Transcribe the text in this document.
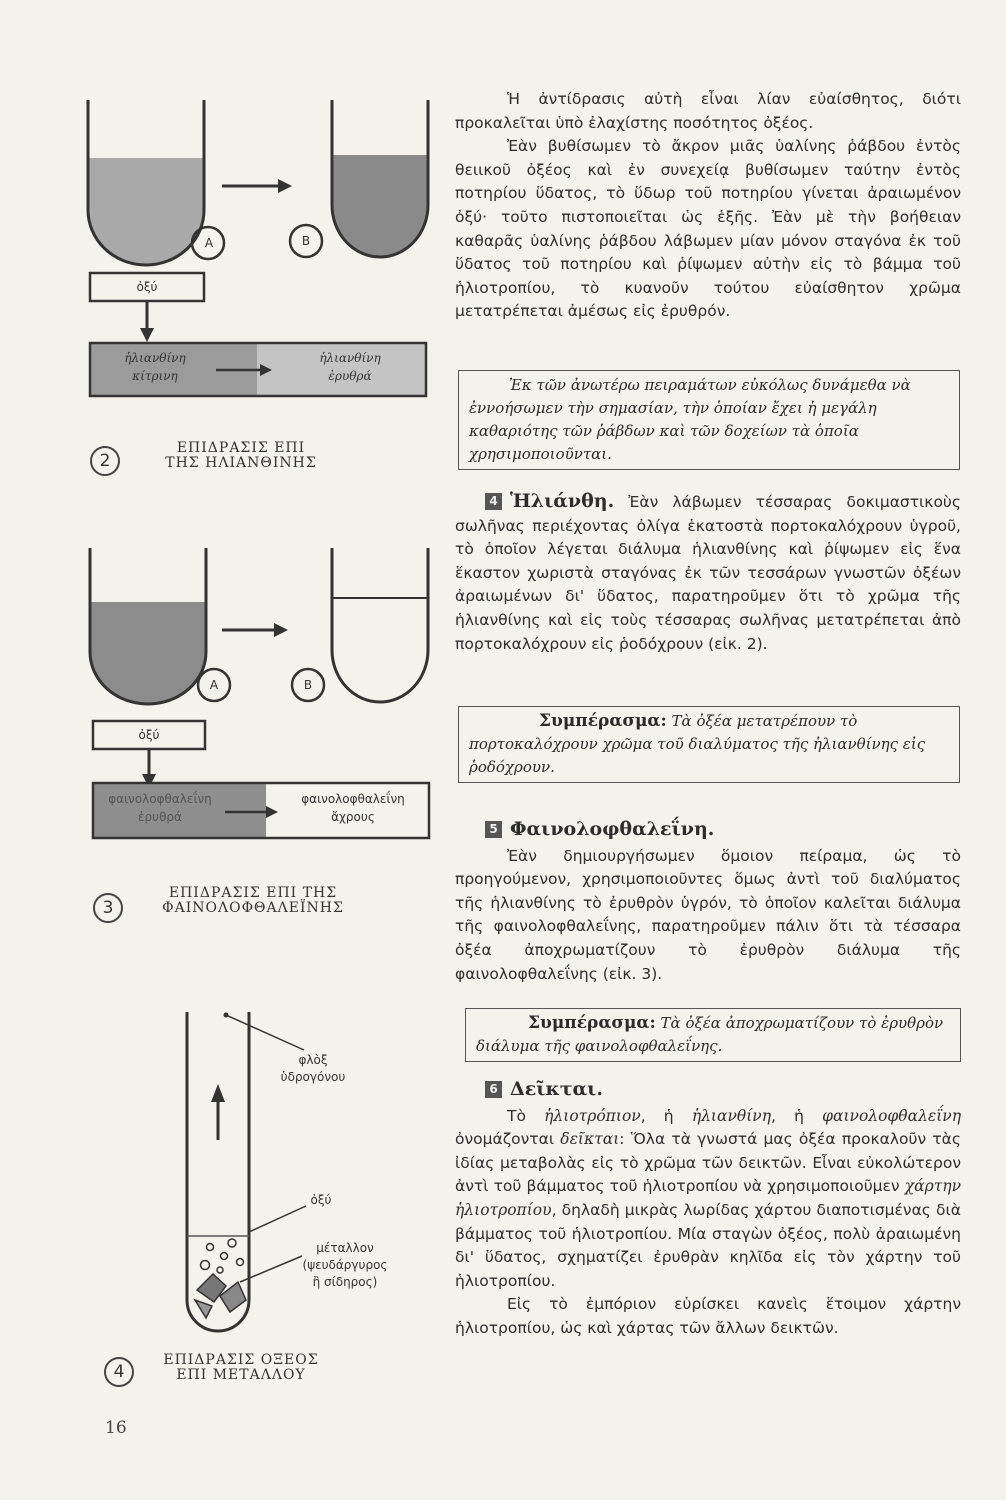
A	B
ὀξύ
ἡλιανθίνη
κίτρινη
ἡλιανθίνη
ἐρυθρά
2
ΕΠΙΔΡΑΣΙΣ ΕΠΙ
ΤΗΣ ΗΛΙΑΝΘΙΝΗΣ
A	B
ὀξύ
φαινολοφθαλεΐνη
ἐρυθρά
φαινολοφθαλεΐνη
ἄχρους
3
ΕΠΙΔΡΑΣΙΣ ΕΠΙ ΤΗΣ
ΦΑΙΝΟΛΟΦΘΑΛΕΪΝΗΣ
φλὸξ
ὑδρογόνου
ὀξύ
μέταλλον
(ψευδάργυρος
ἢ σίδηρος)
4
ΕΠΙΔΡΑΣΙΣ ΟΞΕΟΣ
ΕΠΙ ΜΕΤΑΛΛΟΥ
16

Ἡ ἀντίδρασις αὐτὴ εἶναι λίαν εὐαίσθητος, διότι προκαλεῖται ὑπὸ ἐλαχίστης ποσότητος ὀξέος.

Ἐὰν βυθίσωμεν τὸ ἄκρον μιᾶς ὑαλίνης ῥάβδου ἐντὸς θειικοῦ ὀξέος καὶ ἐν συνεχείᾳ βυθίσωμεν ταύτην ἐντὸς ποτηρίου ὕδατος, τὸ ὕδωρ τοῦ ποτηρίου γίνεται ἀραιωμένον ὀξύ· τοῦτο πιστοποιεῖται ὡς ἑξῆς. Ἐὰν μὲ τὴν βοήθειαν καθαρᾶς ὑαλίνης ῥάβδου λάβωμεν μίαν μόνον σταγόνα ἐκ τοῦ ὕδατος τοῦ ποτηρίου καὶ ῥίψωμεν αὐτὴν εἰς τὸ βάμμα τοῦ ἡλιοτροπίου, τὸ κυανοῦν τούτου εὐαίσθητον χρῶμα μετατρέπεται ἀμέσως εἰς ἐρυθρόν.

Ἐκ τῶν ἀνωτέρω πειραμάτων εὐκόλως δυνάμεθα νὰ ἐννοήσωμεν τὴν σημασίαν, τὴν ὁποίαν ἔχει ἡ μεγάλη καθαριότης τῶν ῥάβδων καὶ τῶν δοχείων τὰ ὁποῖα χρησιμοποιοῦνται.

4 Ἡλιάνθη. Ἐὰν λάβωμεν τέσσαρας δοκιμαστικοὺς σωλῆνας περιέχοντας ὀλίγα ἑκατοστὰ πορτοκαλόχρουν ὑγροῦ, τὸ ὁποῖον λέγεται διάλυμα ἡλιανθίνης καὶ ῥίψωμεν εἰς ἕνα ἕκαστον χωριστὰ σταγόνας ἐκ τῶν τεσσάρων γνωστῶν ὀξέων ἀραιωμένων δι' ὕδατος, παρατηροῦμεν ὅτι τὸ χρῶμα τῆς ἡλιανθίνης καὶ εἰς τοὺς τέσσαρας σωλῆνας μετατρέπεται ἀπὸ πορτοκαλόχρουν εἰς ῥοδόχρουν (εἰκ. 2).

Συμπέρασμα: Τὰ ὀξέα μετατρέπουν τὸ πορτοκαλόχρουν χρῶμα τοῦ διαλύματος τῆς ἡλιανθίνης εἰς ῥοδόχρουν.

5 Φαινολοφθαλεΐνη.

Ἐὰν δημιουργήσωμεν ὅμοιον πείραμα, ὡς τὸ προηγούμενον, χρησιμοποιοῦντες ὅμως ἀντὶ τοῦ διαλύματος τῆς ἡλιανθίνης τὸ ἐρυθρὸν ὑγρόν, τὸ ὁποῖον καλεῖται διάλυμα τῆς φαινολοφθαλεΐνης, παρατηροῦμεν πάλιν ὅτι τὰ τέσσαρα ὀξέα ἀποχρωματίζουν τὸ ἐρυθρὸν διάλυμα τῆς φαινολοφθαλεΐνης (εἰκ. 3).

Συμπέρασμα: Τὰ ὀξέα ἀποχρωματίζουν τὸ ἐρυθρὸν διάλυμα τῆς φαινολοφθαλεΐνης.

6 Δεῖκται.

Τὸ ἡλιοτρόπιον, ἡ ἡλιανθίνη, ἡ φαινολοφθαλεΐνη ὀνομάζονται δεῖκται: Ὅλα τὰ γνωστά μας ὀξέα προκαλοῦν τὰς ἰδίας μεταβολὰς εἰς τὸ χρῶμα τῶν δεικτῶν. Εἶναι εὐκολώτερον ἀντὶ τοῦ βάμματος τοῦ ἡλιοτροπίου νὰ χρησιμοποιοῦμεν χάρτην ἡλιοτροπίου, δηλαδὴ μικρὰς λωρίδας χάρτου διαποτισμένας διὰ βάμματος τοῦ ἡλιοτροπίου. Μία σταγὼν ὀξέος, πολὺ ἀραιωμένη δι' ὕδατος, σχηματίζει ἐρυθρὰν κηλῖδα εἰς τὸν χάρτην τοῦ ἡλιοτροπίου.

Εἰς τὸ ἐμπόριον εὑρίσκει κανεὶς ἕτοιμον χάρτην ἡλιοτροπίου, ὡς καὶ χάρτας τῶν ἄλλων δεικτῶν.
